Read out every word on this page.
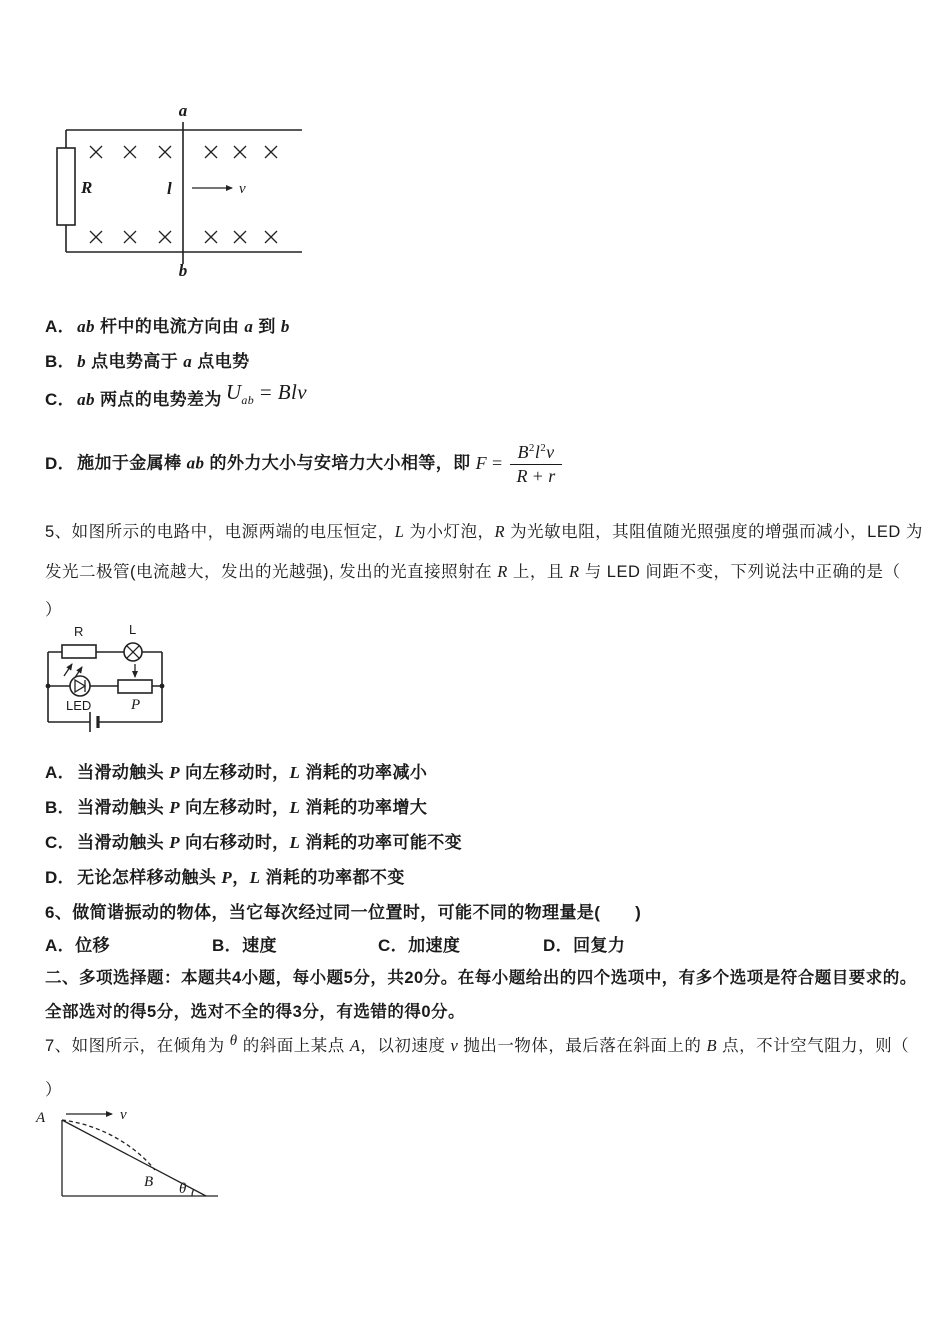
R
a
b
l	v
A． ab 杆中的电流方向由 a 到 b
B． b 点电势高于 a 点电势
C． ab 两点的电势差为 $U_{ab}$ = Blv
D． 施加于金属棒 ab 的外力大小与安培力大小相等，即 $F = \frac{B^2l^2v}{R + r}$
5、如图所示的电路中，电源两端的电压恒定，L 为小灯泡，R 为光敏电阻，其阻值随光照强度的增强而减小，LED 为
发光二极管(电流越大，发出的光越强), 发出的光直接照射在 R 上，且 R 与 LED 间距不变，下列说法中正确的是（
）
R	L
LED	P
A． 当滑动触头 P 向左移动时，L 消耗的功率减小
B． 当滑动触头 P 向左移动时，L 消耗的功率增大
C． 当滑动触头 P 向右移动时，L 消耗的功率可能不变
D． 无论怎样移动触头 P，L 消耗的功率都不变
6、做简谐振动的物体，当它每次经过同一位置时，可能不同的物理量是(　　)
A．位移	B．速度	C．加速度	D．回复力
二、多项选择题：本题共4小题，每小题5分，共20分。在每小题给出的四个选项中，有多个选项是符合题目要求的。
全部选对的得5分，选对不全的得3分，有选错的得0分。
7、如图所示，在倾角为 θ 的斜面上某点 A，以初速度 v 抛出一物体，最后落在斜面上的 B 点，不计空气阻力，则（
）
A	v
B θ
